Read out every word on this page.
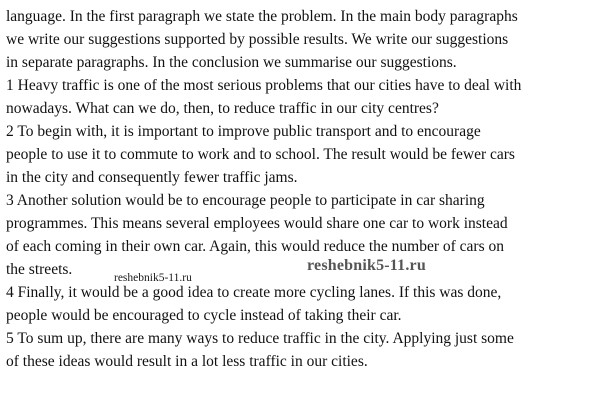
language. In the first paragraph we state the problem. In the main body paragraphs
we write our suggestions supported by possible results. We write our suggestions
in separate paragraphs. In the conclusion we summarise our suggestions.
1 Heavy traffic is one of the most serious problems that our cities have to deal with
nowadays. What can we do, then, to reduce traffic in our city centres?
2 To begin with, it is important to improve public transport and to encourage
people to use it to commute to work and to school. The result would be fewer cars
in the city and consequently fewer traffic jams.
3 Another solution would be to encourage people to participate in car sharing
programmes. This means several employees would share one car to work instead
of each coming in their own car. Again, this would reduce the number of cars on
the streets.
4 Finally, it would be a good idea to create more cycling lanes. If this was done,
people would be encouraged to cycle instead of taking their car.
5 To sum up, there are many ways to reduce traffic in the city. Applying just some
of these ideas would result in a lot less traffic in our cities.
reshebnik5-11.ru
reshebnik5-11.ru
